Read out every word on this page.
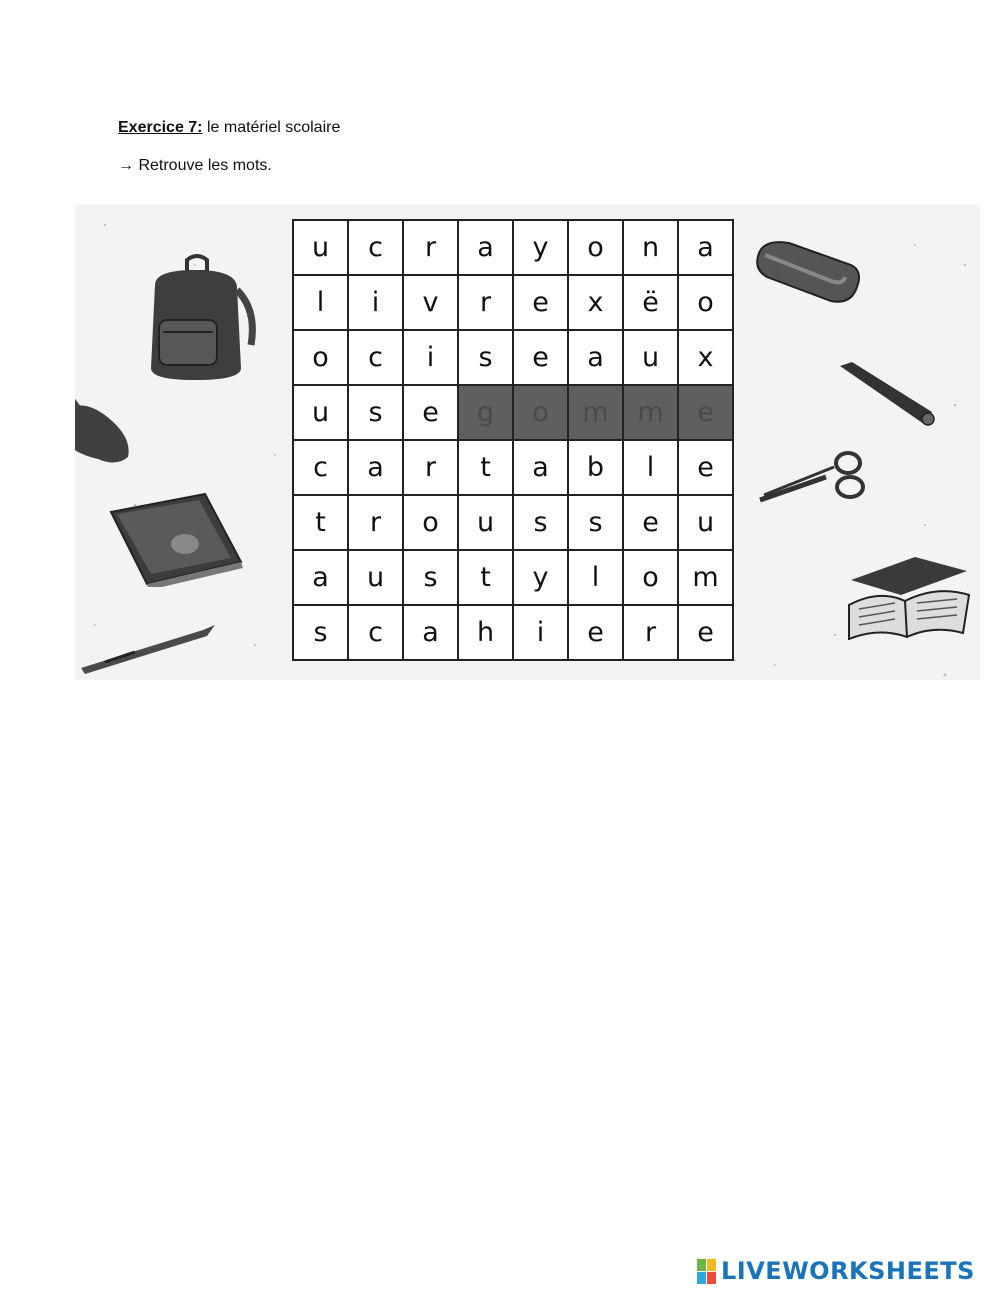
Exercice 7: le matériel scolaire
→ Retrouve les mots.
u	c	r	a	y	o	n	a
l	i	v	r	e	x	ë	o
o	c	i	s	e	a	u	x
u	s	e	g	o	m	m	e
c	a	r	t	a	b	l	e
t	r	o	u	s	s	e	u
a	u	s	t	y	l	o	m
s	c	a	h	i	e	r	e
LIVEWORKSHEETS
